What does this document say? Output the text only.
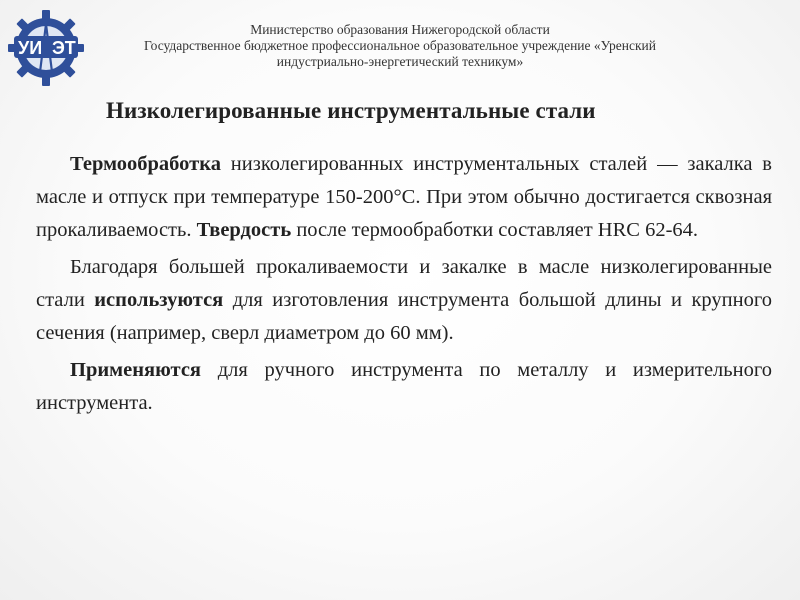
УИ ЭТ
Министерство образования Нижегородской области
Государственное бюджетное профессиональное образовательное учреждение «Уренский
индустриально-энергетический техникум»
Низколегированные инструментальные стали

Термообработка низколегированных инструментальных сталей — закалка в масле и отпуск при температуре 150-200°С. При этом обычно достигается сквозная прокаливаемость. Твердость после термообработки составляет HRC 62-64.

Благодаря большей прокаливаемости и закалке в масле низколегированные стали используются для изготовления инструмента большой длины и крупного сечения (например, сверл диаметром до 60 мм).

Применяются для ручного инструмента по металлу и измерительного инструмента.
